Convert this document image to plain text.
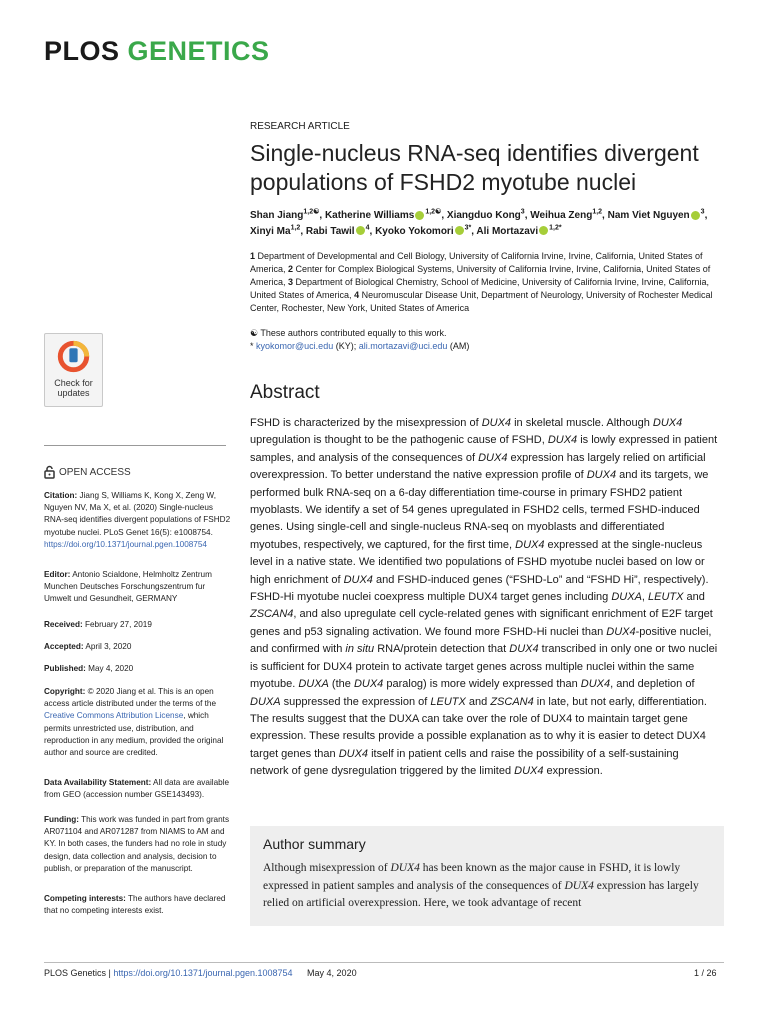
PLOS GENETICS
RESEARCH ARTICLE
Single-nucleus RNA-seq identifies divergent populations of FSHD2 myotube nuclei
Shan Jiang$^{1,2☯}$, Katherine Williams $^{1,2☯}$, Xiangduo Kong$^3$, Weihua Zeng$^{1,2}$, Nam Viet Nguyen $^3$, Xinyi Ma$^{1,2}$, Rabi Tawil $^4$, Kyoko Yokomori $^{3*}$, Ali Mortazavi $^{1,2*}$
1 Department of Developmental and Cell Biology, University of California Irvine, Irvine, California, United States of America, 2 Center for Complex Biological Systems, University of California Irvine, Irvine, California, United States of America, 3 Department of Biological Chemistry, School of Medicine, University of California Irvine, Irvine, California, United States of America, 4 Neuromuscular Disease Unit, Department of Neurology, University of Rochester Medical Center, Rochester, New York, United States of America
☯ These authors contributed equally to this work.
* kyokomor@uci.edu (KY); ali.mortazavi@uci.edu (AM)
Abstract
FSHD is characterized by the misexpression of DUX4 in skeletal muscle. Although DUX4 upregulation is thought to be the pathogenic cause of FSHD, DUX4 is lowly expressed in patient samples, and analysis of the consequences of DUX4 expression has largely relied on artificial overexpression. To better understand the native expression profile of DUX4 and its targets, we performed bulk RNA-seq on a 6-day differentiation time-course in primary FSHD2 patient myoblasts. We identify a set of 54 genes upregulated in FSHD2 cells, termed FSHD-induced genes. Using single-cell and single-nucleus RNA-seq on myoblasts and differentiated myotubes, respectively, we captured, for the first time, DUX4 expressed at the single-nucleus level in a native state. We identified two populations of FSHD myotube nuclei based on low or high enrichment of DUX4 and FSHD-induced genes (“FSHD-Lo” and “FSHD Hi”, respectively). FSHD-Hi myotube nuclei coexpress multiple DUX4 target genes including DUXA, LEUTX and ZSCAN4, and also upregulate cell cycle-related genes with significant enrichment of E2F target genes and p53 signaling activation. We found more FSHD-Hi nuclei than DUX4-positive nuclei, and confirmed with in situ RNA/protein detection that DUX4 transcribed in only one or two nuclei is sufficient for DUX4 protein to activate target genes across multiple nuclei within the same myotube. DUXA (the DUX4 paralog) is more widely expressed than DUX4, and depletion of DUXA suppressed the expression of LEUTX and ZSCAN4 in late, but not early, differentiation. The results suggest that the DUXA can take over the role of DUX4 to maintain target gene expression. These results provide a possible explanation as to why it is easier to detect DUX4 target genes than DUX4 itself in patient cells and raise the possibility of a self-sustaining network of gene dysregulation triggered by the limited DUX4 expression.
Author summary
Although misexpression of DUX4 has been known as the major cause in FSHD, it is lowly expressed in patient samples and analysis of the consequences of DUX4 expression has largely relied on artificial overexpression. Here, we took advantage of recent
Check for updates
OPEN ACCESS
Citation: Jiang S, Williams K, Kong X, Zeng W, Nguyen NV, Ma X, et al. (2020) Single-nucleus RNA-seq identifies divergent populations of FSHD2 myotube nuclei. PLoS Genet 16(5): e1008754. https://doi.org/10.1371/journal.pgen.1008754
Editor: Antonio Scialdone, Helmholtz Zentrum Munchen Deutsches Forschungszentrum fur Umwelt und Gesundheit, GERMANY
Received: February 27, 2019
Accepted: April 3, 2020
Published: May 4, 2020
Copyright: © 2020 Jiang et al. This is an open access article distributed under the terms of the Creative Commons Attribution License, which permits unrestricted use, distribution, and reproduction in any medium, provided the original author and source are credited.
Data Availability Statement: All data are available from GEO (accession number GSE143493).
Funding: This work was funded in part from grants AR071104 and AR071287 from NIAMS to AM and KY. In both cases, the funders had no role in study design, data collection and analysis, decision to publish, or preparation of the manuscript.
Competing interests: The authors have declared that no competing interests exist.
PLOS Genetics | https://doi.org/10.1371/journal.pgen.1008754 May 4, 2020	1 / 26
